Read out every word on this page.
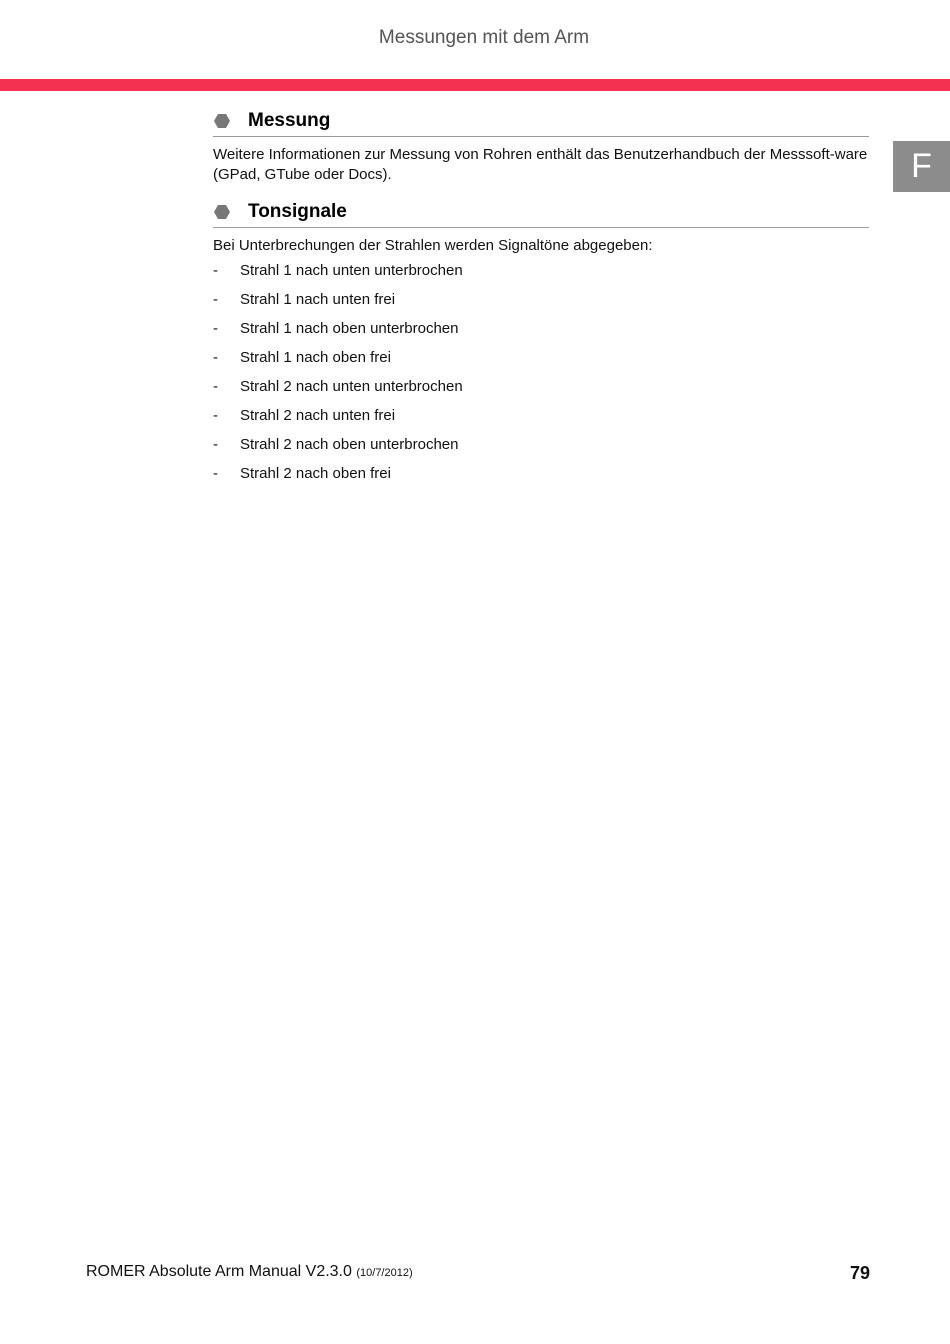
Messungen mit dem Arm
F
Messung

Weitere Informationen zur Messung von Rohren enthält das Benutzerhandbuch der Messsoft-ware (GPad, GTube oder Docs).

Tonsignale

Bei Unterbrechungen der Strahlen werden Signaltöne abgegeben:

-	Strahl 1 nach unten unterbrochen
-	Strahl 1 nach unten frei
-	Strahl 1 nach oben unterbrochen
-	Strahl 1 nach oben frei
-	Strahl 2 nach unten unterbrochen
-	Strahl 2 nach unten frei
-	Strahl 2 nach oben unterbrochen
-	Strahl 2 nach oben frei
ROMER Absolute Arm Manual V2.3.0 (10/7/2012)	79
